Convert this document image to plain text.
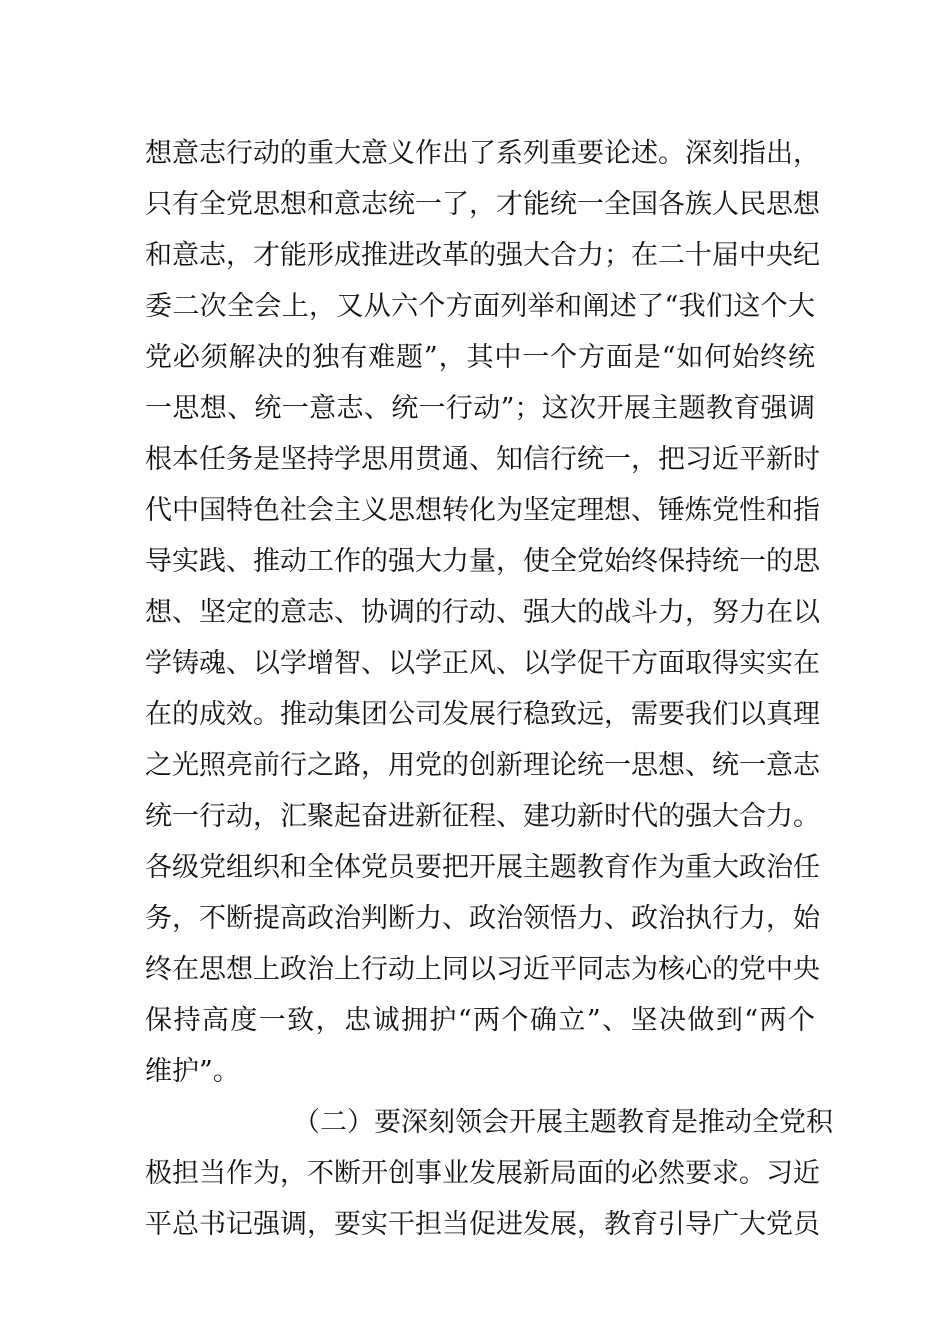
想意志行动的重大意义作出了系列重要论述。深刻指出，
只有全党思想和意志统一了，才能统一全国各族人民思想
和意志，才能形成推进改革的强大合力；在二十届中央纪
委二次全会上，又从六个方面列举和阐述了“我们这个大
党必须解决的独有难题”，其中一个方面是“如何始终统
一思想、统一意志、统一行动”；这次开展主题教育强调
根本任务是坚持学思用贯通、知信行统一，把习近平新时
代中国特色社会主义思想转化为坚定理想、锤炼党性和指
导实践、推动工作的强大力量，使全党始终保持统一的思
想、坚定的意志、协调的行动、强大的战斗力，努力在以
学铸魂、以学增智、以学正风、以学促干方面取得实实在
在的成效。推动集团公司发展行稳致远，需要我们以真理
之光照亮前行之路，用党的创新理论统一思想、统一意志
统一行动，汇聚起奋进新征程、建功新时代的强大合力。
各级党组织和全体党员要把开展主题教育作为重大政治任
务，不断提高政治判断力、政治领悟力、政治执行力，始
终在思想上政治上行动上同以习近平同志为核心的党中央
保持高度一致，忠诚拥护“两个确立”、坚决做到“两个
维护”。
（二）要深刻领会开展主题教育是推动全党积
极担当作为，不断开创事业发展新局面的必然要求。习近
平总书记强调，要实干担当促进发展，教育引导广大党员
